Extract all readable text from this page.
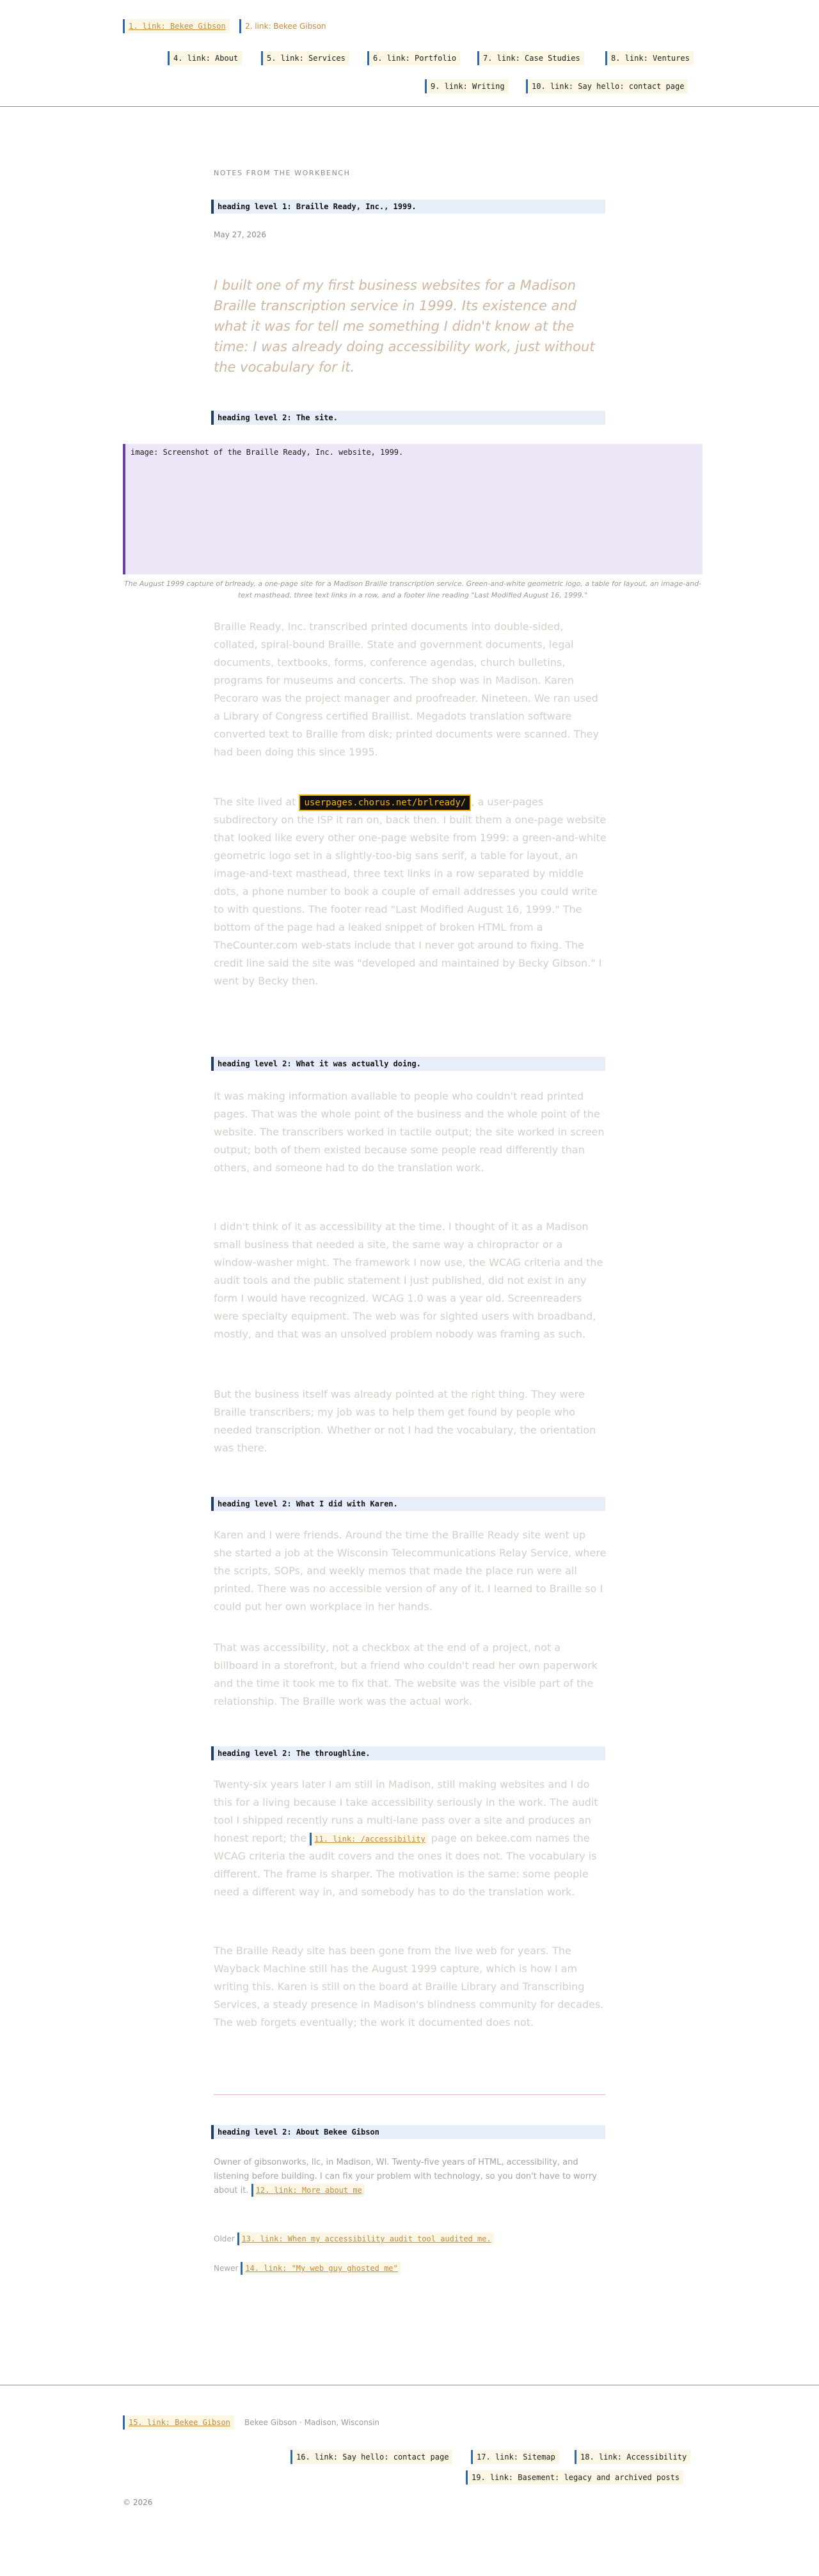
1. link: Bekee Gibson	2. link: Bekee Gibson
4. link: About	5. link: Services	6. link: Portfolio	7. link: Case Studies	8. link: Ventures
9. link: Writing	10. link: Say hello: contact page
NOTES FROM THE WORKBENCH
heading level 1: Braille Ready, Inc., 1999.
May 27, 2026

I built one of my first business websites for a Madison Braille transcription service in 1999. Its existence and what it was for tell me something I didn't know at the time: I was already doing accessibility work, just without the vocabulary for it.

heading level 2: The site.
image: Screenshot of the Braille Ready, Inc. website, 1999.
The August 1999 capture of brlready, a one-page site for a Madison Braille transcription service. Green-and-white geometric logo, a table for layout, an image-and-text masthead, three text links in a row, and a footer line reading "Last Modified August 16, 1999."

Braille Ready, Inc. transcribed printed documents into double-sided, collated, spiral-bound Braille. State and government documents, legal documents, textbooks, forms, conference agendas, church bulletins, programs for museums and concerts. The shop was in Madison. Karen Pecoraro was the project manager and proofreader. Nineteen. We ran used a Library of Congress certified Braillist. Megadots translation software converted text to Braille from disk; printed documents were scanned. They had been doing this since 1995.

The site lived at userpages.chorus.net/brlready/ , a user-pages subdirectory on the ISP it ran on, back then. I built them a one-page website that looked like every other one-page website from 1999: a green-and-white geometric logo set in a slightly-too-big sans serif, a table for layout, an image-and-text masthead, three text links in a row separated by middle dots, a phone number to book a couple of email addresses you could write to with questions. The footer read "Last Modified August 16, 1999." The bottom of the page had a leaked snippet of broken HTML from a TheCounter.com web-stats include that I never got around to fixing. The credit line said the site was "developed and maintained by Becky Gibson." I went by Becky then.

heading level 2: What it was actually doing.

It was making information available to people who couldn't read printed pages. That was the whole point of the business and the whole point of the website. The transcribers worked in tactile output; the site worked in screen output; both of them existed because some people read differently than others, and someone had to do the translation work.

I didn't think of it as accessibility at the time. I thought of it as a Madison small business that needed a site, the same way a chiropractor or a window-washer might. The framework I now use, the WCAG criteria and the audit tools and the public statement I just published, did not exist in any form I would have recognized. WCAG 1.0 was a year old. Screenreaders were specialty equipment. The web was for sighted users with broadband, mostly, and that was an unsolved problem nobody was framing as such.

But the business itself was already pointed at the right thing. They were Braille transcribers; my job was to help them get found by people who needed transcription. Whether or not I had the vocabulary, the orientation was there.

heading level 2: What I did with Karen.

Karen and I were friends. Around the time the Braille Ready site went up she started a job at the Wisconsin Telecommunications Relay Service, where the scripts, SOPs, and weekly memos that made the place run were all printed. There was no accessible version of any of it. I learned to Braille so I could put her own workplace in her hands.

That was accessibility, not a checkbox at the end of a project, not a billboard in a storefront, but a friend who couldn't read her own paperwork and the time it took me to fix that. The website was the visible part of the relationship. The Braille work was the actual work.

heading level 2: The throughline.

Twenty-six years later I am still in Madison, still making websites and I do this for a living because I take accessibility seriously in the work. The audit tool I shipped recently runs a multi-lane pass over a site and produces an honest report; the 11. link: /accessibility page on bekee.com names the WCAG criteria the audit covers and the ones it does not. The vocabulary is different. The frame is sharper. The motivation is the same: some people need a different way in, and somebody has to do the translation work.

The Braille Ready site has been gone from the live web for years. The Wayback Machine still has the August 1999 capture, which is how I am writing this. Karen is still on the board at Braille Library and Transcribing Services, a steady presence in Madison's blindness community for decades. The web forgets eventually; the work it documented does not.

heading level 2: About Bekee Gibson

Owner of gibsonworks, llc, in Madison, WI. Twenty-five years of HTML, accessibility, and listening before building. I can fix your problem with technology, so you don't have to worry about it. 12. link: More about me

Older 13. link: When my accessibility audit tool audited me.
Newer 14. link: "My web guy ghosted me"
15. link: Bekee Gibson	Bekee Gibson · Madison, Wisconsin
16. link: Say hello: contact page	17. link: Sitemap	18. link: Accessibility
19. link: Basement: legacy and archived posts
© 2026
